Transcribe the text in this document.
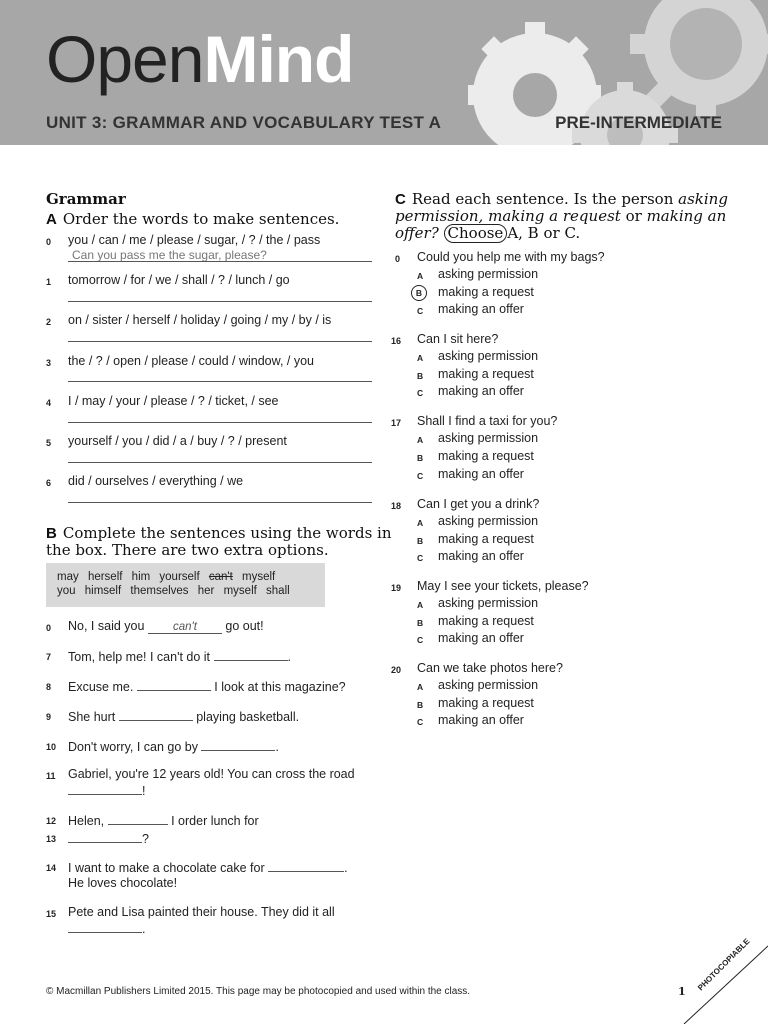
OpenMind
UNIT 3: GRAMMAR AND VOCABULARY TEST A	PRE-INTERMEDIATE
Grammar
A Order the words to make sentences.
0 you / can / me / please / sugar, / ? / the / pass
Can you pass me the sugar, please?
1 tomorrow / for / we / shall / ? / lunch / go
2 on / sister / herself / holiday / going / my / by / is
3 the / ? / open / please / could / window, / you
4 I / may / your / please / ? / ticket, / see
5 yourself / you / did / a / buy / ? / present
6 did / ourselves / everything / we
B Complete the sentences using the words in
the box. There are two extra options.
may herself him yourself can't myself
you himself themselves her myself shall
0 No, I said you can't go out!
7 Tom, help me! I can't do it	.
8 Excuse me.	I look at this magazine?
9 She hurt	playing basketball.
10 Don't worry, I can go by	.
11 Gabriel, you're 12 years old! You can cross the road
!
12 Helen,	I order lunch for
13	?
14 I want to make a chocolate cake for	.
He loves chocolate!
15 Pete and Lisa painted their house. They did it all
.
C Read each sentence. Is the person asking
permission, making a request or making an
offer? Choose A, B or C.
0 Could you help me with my bags?
A asking permission
B	making a request
C making an offer
16 Can I sit here?
A asking permission
B making a request
C making an offer
17 Shall I find a taxi for you?
A asking permission
B making a request
C making an offer
18 Can I get you a drink?
A asking permission
B making a request
C making an offer
19 May I see your tickets, please?
A asking permission
B making a request
C making an offer
20 Can we take photos here?
A asking permission
B making a request
C making an offer
© Macmillan Publishers Limited 2015. This page may be photocopied and used within the class.	1 PHOTOCOPIABLE
